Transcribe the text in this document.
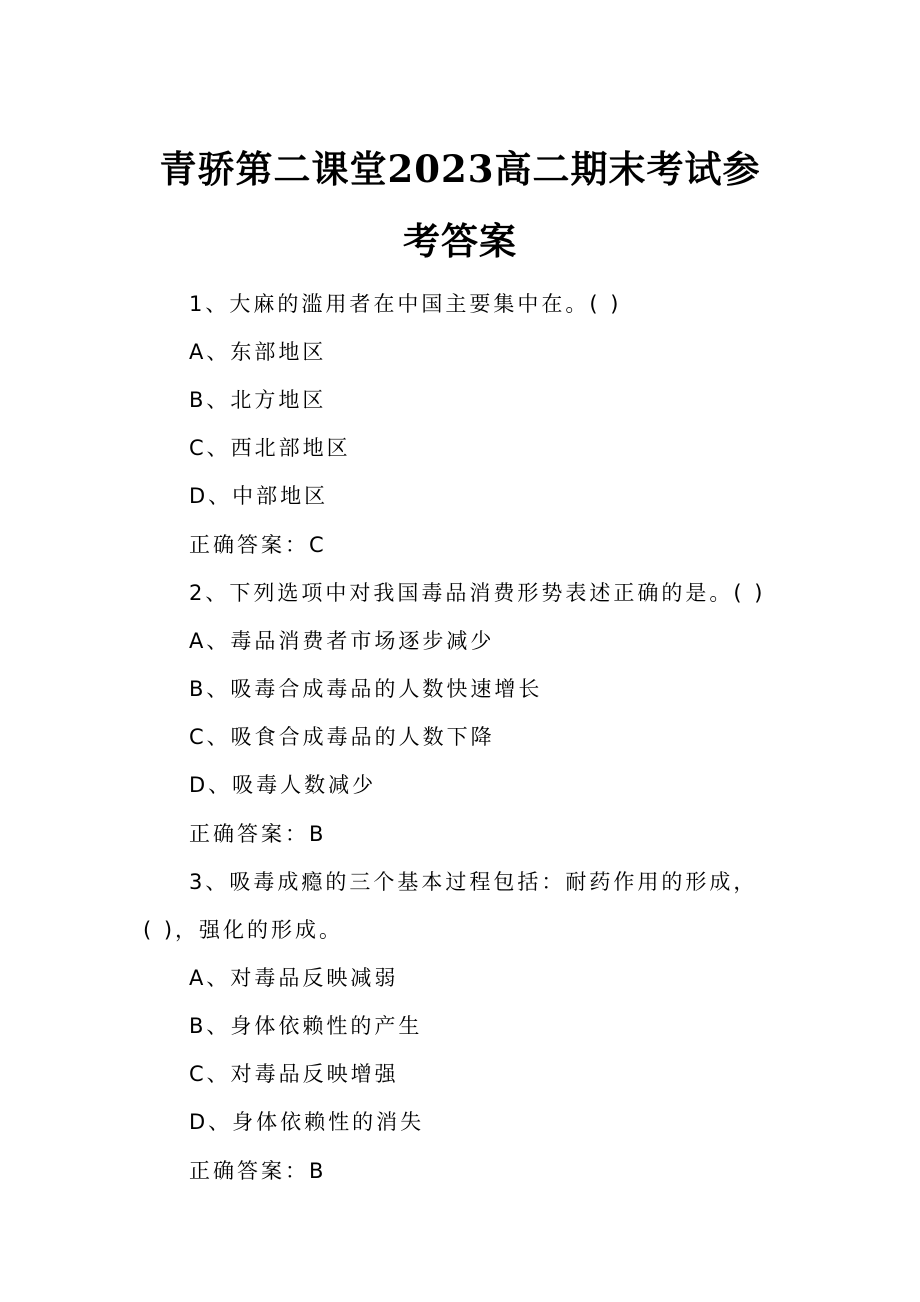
青骄第二课堂2023高二期末考试参
考答案
1、大麻的滥用者在中国主要集中在。( )
A、东部地区
B、北方地区
C、西北部地区
D、中部地区
正确答案：C
2、下列选项中对我国毒品消费形势表述正确的是。( )
A、毒品消费者市场逐步减少
B、吸毒合成毒品的人数快速增长
C、吸食合成毒品的人数下降
D、吸毒人数减少
正确答案：B
3、吸毒成瘾的三个基本过程包括：耐药作用的形成，
( )，强化的形成。
A、对毒品反映减弱
B、身体依赖性的产生
C、对毒品反映增强
D、身体依赖性的消失
正确答案：B
